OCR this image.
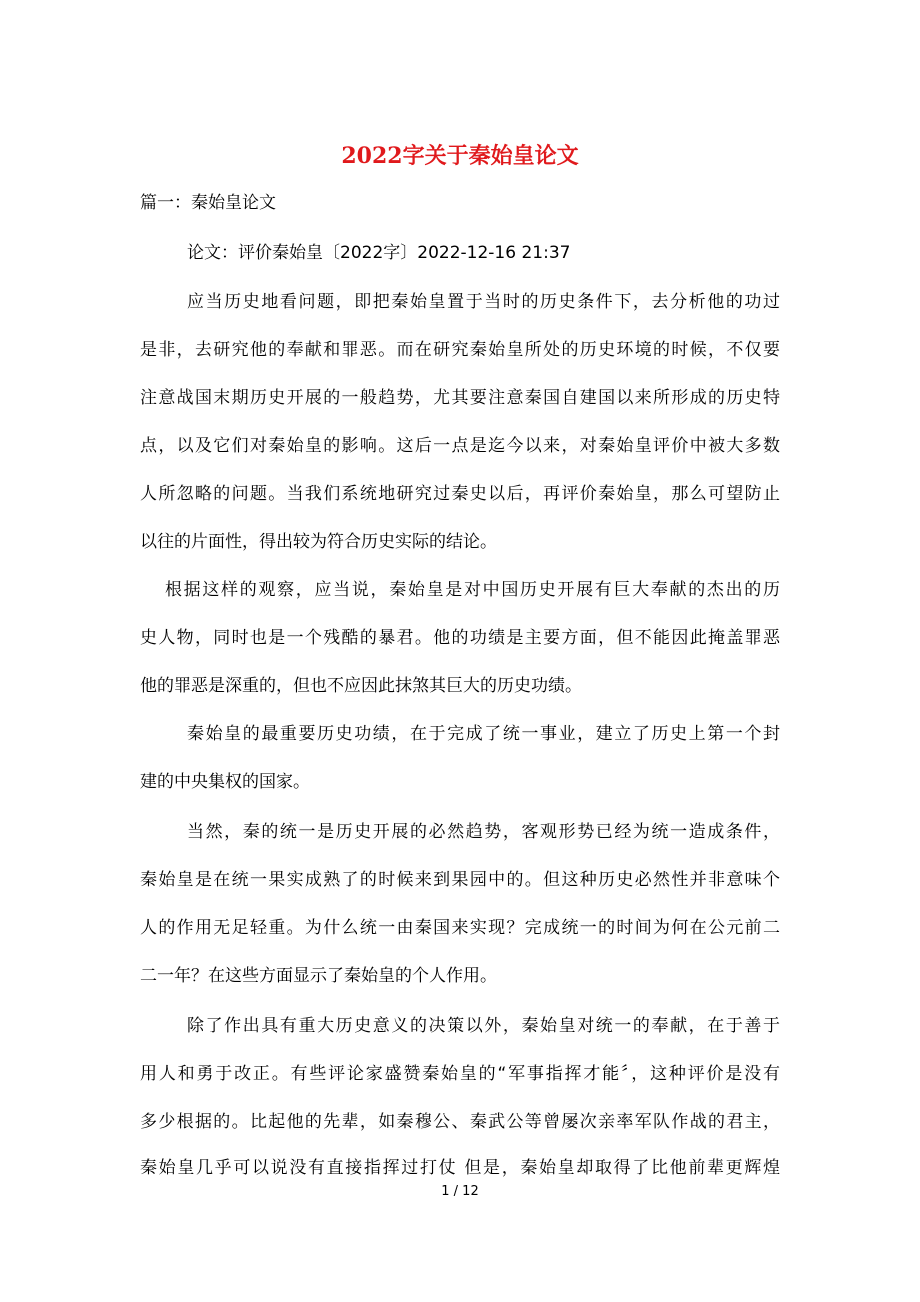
2022字关于秦始皇论文
篇一：秦始皇论文
论文：评价秦始皇〔2022字〕2022-12-16 21:37
应当历史地看问题，即把秦始皇置于当时的历史条件下，去分析他的功过
是非，去研究他的奉献和罪恶。而在研究秦始皇所处的历史环境的时候，不仅要
注意战国末期历史开展的一般趋势，尤其要注意秦国自建国以来所形成的历史特
点，以及它们对秦始皇的影响。这后一点是迄今以来，对秦始皇评价中被大多数
人所忽略的问题。当我们系统地研究过秦史以后，再评价秦始皇，那么可望防止
以往的片面性，得出较为符合历史实际的结论。
根据这样的观察，应当说，秦始皇是对中国历史开展有巨大奉献的杰出的历
史人物，同时也是一个残酷的暴君。他的功绩是主要方面，但不能因此掩盖罪恶
他的罪恶是深重的，但也不应因此抹煞其巨大的历史功绩。
秦始皇的最重要历史功绩，在于完成了统一事业，建立了历史上第一个封
建的中央集权的国家。
当然，秦的统一是历史开展的必然趋势，客观形势已经为统一造成条件，
秦始皇是在统一果实成熟了的时候来到果园中的。但这种历史必然性并非意味个
人的作用无足轻重。为什么统一由秦国来实现？完成统一的时间为何在公元前二
二一年？在这些方面显示了秦始皇的个人作用。
除了作出具有重大历史意义的决策以外，秦始皇对统一的奉献，在于善于
用人和勇于改正。有些评论家盛赞秦始皇的“军事指挥才能〞，这种评价是没有
多少根据的。比起他的先辈，如秦穆公、秦武公等曾屡次亲率军队作战的君主，
秦始皇几乎可以说没有直接指挥过打仗 但是，秦始皇却取得了比他前辈更辉煌
1 / 12
